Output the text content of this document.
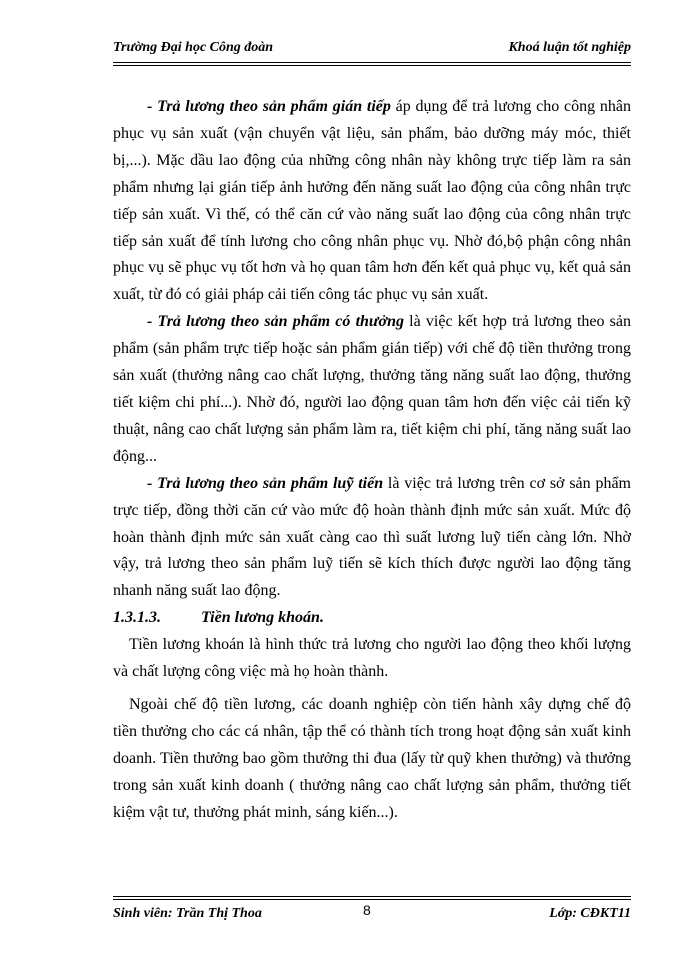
Trường Đại học Công đoàn	Khoá luận tốt nghiệp

- Trả lương theo sản phẩm gián tiếp áp dụng để trả lương cho công nhân phục vụ sản xuất (vận chuyển vật liệu, sản phẩm, bảo dưỡng máy móc, thiết bị,...). Mặc dầu lao động của những công nhân này không trực tiếp làm ra sản phẩm nhưng lại gián tiếp ảnh hưởng đến năng suất lao động của công nhân trực tiếp sản xuất. Vì thế, có thể căn cứ vào năng suất lao động của công nhân trực tiếp sản xuất để tính lương cho công nhân phục vụ. Nhờ đó,bộ phận công nhân phục vụ sẽ phục vụ tốt hơn và họ quan tâm hơn đến kết quả phục vụ, kết quả sản xuất, từ đó có giải pháp cải tiến công tác phục vụ sản xuất.

- Trả lương theo sản phẩm có thưởng là việc kết hợp trả lương theo sản phẩm (sản phẩm trực tiếp hoặc sản phẩm gián tiếp) với chế độ tiền thưởng trong sản xuất (thưởng nâng cao chất lượng, thưởng tăng năng suất lao động, thưởng tiết kiệm chi phí...). Nhờ đó, người lao động quan tâm hơn đến việc cải tiến kỹ thuật, nâng cao chất lượng sản phẩm làm ra, tiết kiệm chi phí, tăng năng suất lao động...

- Trả lương theo sản phẩm luỹ tiến là việc trả lương trên cơ sở sản phẩm trực tiếp, đồng thời căn cứ vào mức độ hoàn thành định mức sản xuất. Mức độ hoàn thành định mức sản xuất càng cao thì suất lương luỹ tiến càng lớn. Nhờ vậy, trả lương theo sản phẩm luỹ tiến sẽ kích thích được người lao động tăng nhanh năng suất lao động.

1.3.1.3.	Tiền lương khoán.

Tiền lương khoán là hình thức trả lương cho người lao động theo khối lượng và chất lượng công việc mà họ hoàn thành.

Ngoài chế độ tiền lương, các doanh nghiệp còn tiến hành xây dựng chế độ tiền thưởng cho các cá nhân, tập thể có thành tích trong hoạt động sản xuất kinh doanh. Tiền thưởng bao gồm thưởng thi đua (lấy từ quỹ khen thưởng) và thưởng trong sản xuất kinh doanh ( thưởng nâng cao chất lượng sản phẩm, thưởng tiết kiệm vật tư, thưởng phát minh, sáng kiến...).

Sinh viên: Trần Thị Thoa	8	Lớp: CĐKT11
